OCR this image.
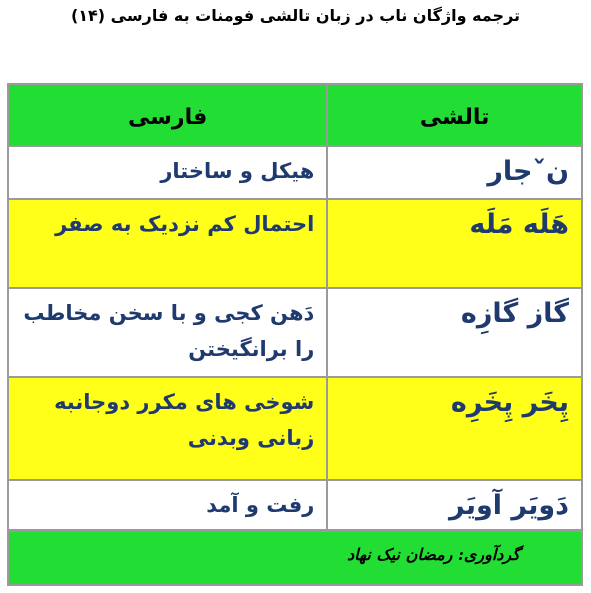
ترجمه واژگان ناب در زبان تالشی فومنات به فارسی (۱۴)
تالشی	فارسی
نˇجار	هیکل و ساختار
هَلَه مَلَه	احتمال کم نزدیک به صفر
گاز گازِه	دَهن کجی و با سخن مخاطب را برانگیختن
پِخَر پِخَرِه	شوخی های مکرر دوجانبه زبانی وبدنی
دَویَر آویَر	رفت و آمد
گردآوری: رمضان نیک نهاد
